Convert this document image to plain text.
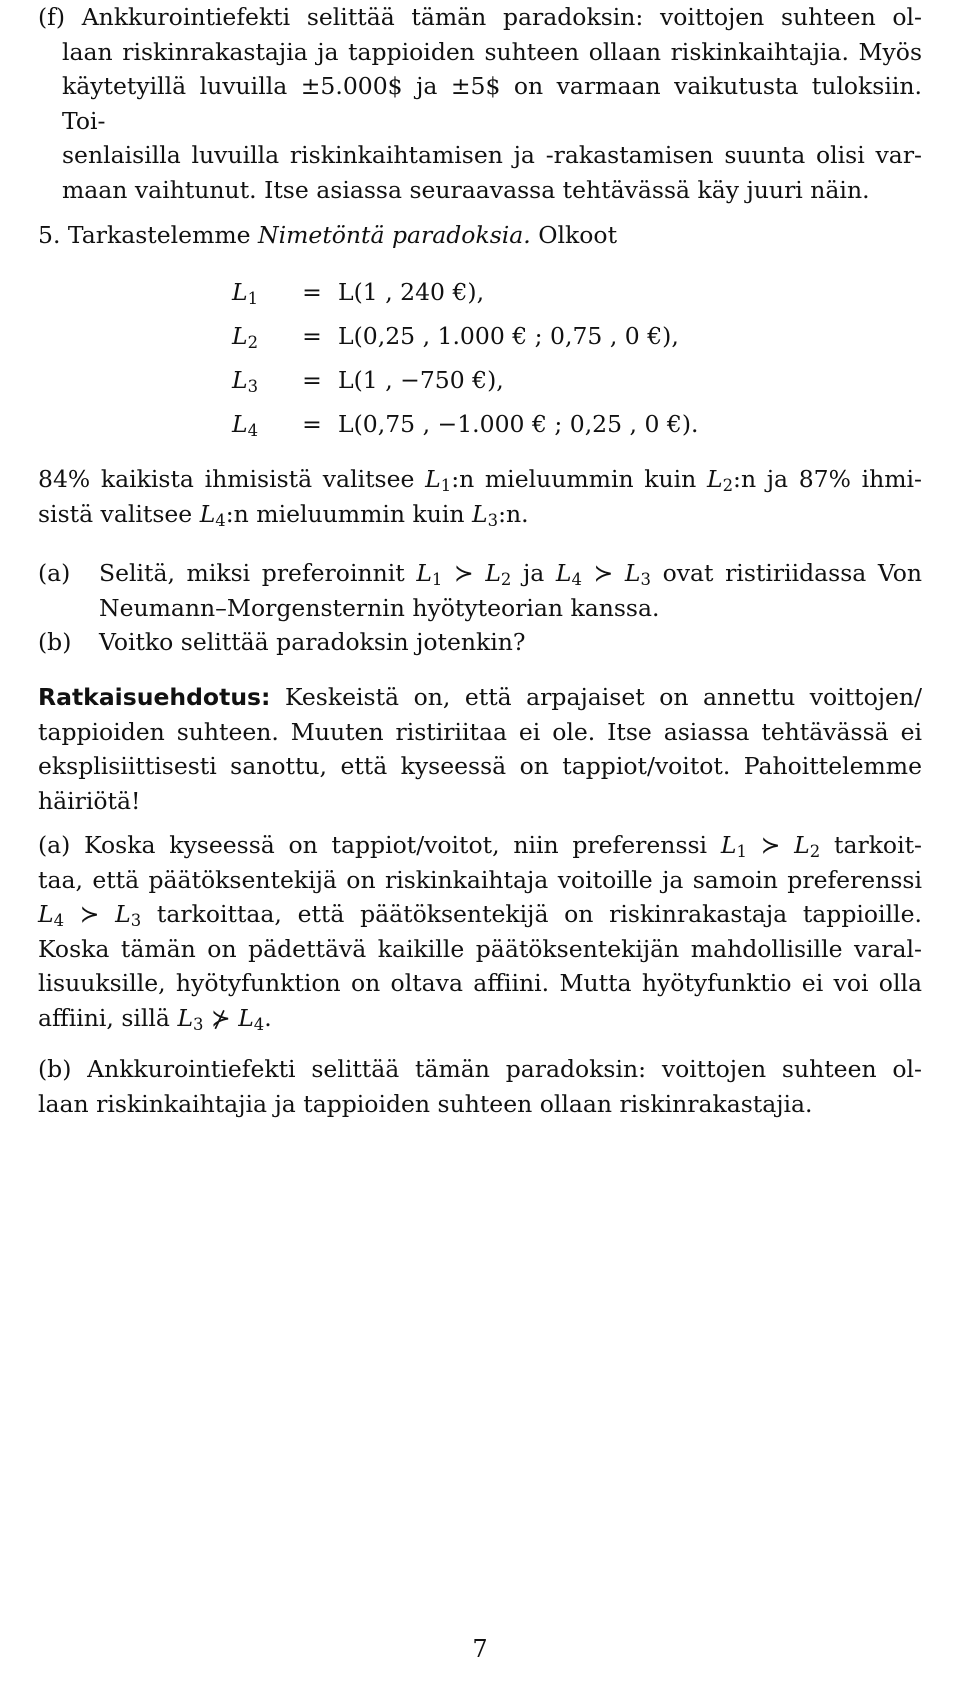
(f) Ankkurointiefekti selittää tämän paradoksin: voittojen suhteen ol-
laan riskinrakastajia ja tappioiden suhteen ollaan riskinkaihtajia. Myös
käytetyillä luvuilla ±5.000$ ja ±5$ on varmaan vaikutusta tuloksiin. Toi-
senlaisilla luvuilla riskinkaihtamisen ja -rakastamisen suunta olisi var-
maan vaihtunut. Itse asiassa seuraavassa tehtävässä käy juuri näin.
5. Tarkastelemme Nimetöntä paradoksia. Olkoot
$L_1$	= L(1 , 240 €),
$L_2$	= L(0,25 , 1.000 € ; 0,75 , 0 €),
$L_3$	= L(1 , −750 €),
$L_4$	= L(0,75 , −1.000 € ; 0,25 , 0 €).
84% kaikista ihmisistä valitsee $L_1:n$ mieluummin kuin $L_2:n$ ja 87% ihmi-
sistä valitsee $L_4:n$ mieluummin kuin $L_3:n$.
(a) Selitä, miksi preferoinnit $L_1$ ≻ $L_2$ ja $L_4$ ≻ $L_3$ ovat ristiriidassa Von
Neumann–Morgensternin hyötyteorian kanssa.
(b) Voitko selittää paradoksin jotenkin?
Ratkaisuehdotus: Keskeistä on, että arpajaiset on annettu voittojen/
tappioiden suhteen. Muuten ristiriitaa ei ole. Itse asiassa tehtävässä ei
eksplisiittisesti sanottu, että kyseessä on tappiot/voitot. Pahoittelemme
häiriötä!
(a) Koska kyseessä on tappiot/voitot, niin preferenssi $L_1$ ≻ $L_2$ tarkoit-
taa, että päätöksentekijä on riskinkaihtaja voitoille ja samoin preferenssi
$L_4$ ≻ $L_3$ tarkoittaa, että päätöksentekijä on riskinrakastaja tappioille.
Koska tämän on pädettävä kaikille päätöksentekijän mahdollisille varal-
lisuuksille, hyötyfunktion on oltava affiini. Mutta hyötyfunktio ei voi olla
affiini, sillä $L_3$ ⊁ $L_4$.
(b) Ankkurointiefekti selittää tämän paradoksin: voittojen suhteen ol-
laan riskinkaihtajia ja tappioiden suhteen ollaan riskinrakastajia.
7
